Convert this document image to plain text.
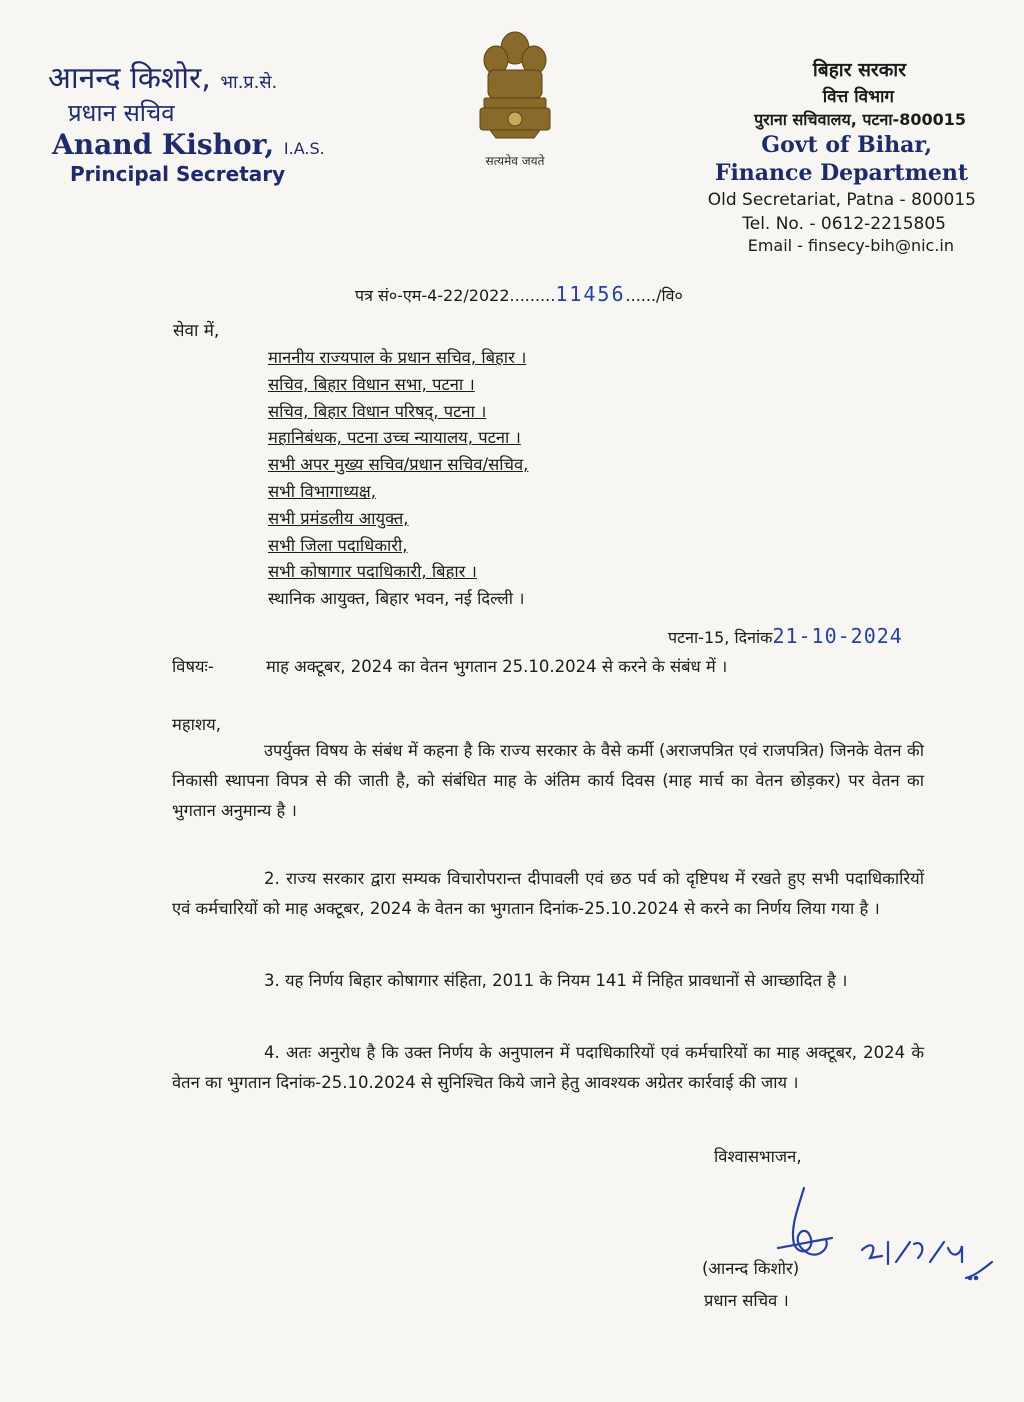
आनन्द किशोर, भा.प्र.से.
प्रधान सचिव
Anand Kishor, I.A.S.
Principal Secretary
सत्यमेव जयते
बिहार सरकार
वित्त विभाग
पुराना सचिवालय, पटना-800015
Govt of Bihar,
Finance Department
Old Secretariat, Patna - 800015
Tel. No. - 0612-2215805
Email - finsecy-bih@nic.in
पत्र सं०-एम-4-22/2022.........11456....../वि०
सेवा में,
माननीय राज्यपाल के प्रधान सचिव, बिहार ।
सचिव, बिहार विधान सभा, पटना ।
सचिव, बिहार विधान परिषद्, पटना ।
महानिबंधक, पटना उच्च न्यायालय, पटना ।
सभी अपर मुख्य सचिव/प्रधान सचिव/सचिव,
सभी विभागाध्यक्ष,
सभी प्रमंडलीय आयुक्त,
सभी जिला पदाधिकारी,
सभी कोषागार पदाधिकारी, बिहार ।
स्थानिक आयुक्त, बिहार भवन, नई दिल्ली ।
पटना-15, दिनांक21-10-2024
विषयः-	माह अक्टूबर, 2024 का वेतन भुगतान 25.10.2024 से करने के संबंध में ।
महाशय,
उपर्युक्त विषय के संबंध में कहना है कि राज्य सरकार के वैसे कर्मी (अराजपत्रित एवं राजपत्रित) जिनके वेतन की निकासी स्थापना विपत्र से की जाती है, को संबंधित माह के अंतिम कार्य दिवस (माह मार्च का वेतन छोड़कर) पर वेतन का भुगतान अनुमान्य है ।
2. राज्य सरकार द्वारा सम्यक विचारोपरान्त दीपावली एवं छठ पर्व को दृष्टिपथ में रखते हुए सभी पदाधिकारियों एवं कर्मचारियों को माह अक्टूबर, 2024 के वेतन का भुगतान दिनांक-25.10.2024 से करने का निर्णय लिया गया है ।
3. यह निर्णय बिहार कोषागार संहिता, 2011 के नियम 141 में निहित प्रावधानों से आच्छादित है ।
4. अतः अनुरोध है कि उक्त निर्णय के अनुपालन में पदाधिकारियों एवं कर्मचारियों का माह अक्टूबर, 2024 के वेतन का भुगतान दिनांक-25.10.2024 से सुनिश्चित किये जाने हेतु आवश्यक अग्रेतर कार्रवाई की जाय ।
विश्वासभाजन,
(आनन्द किशोर)
प्रधान सचिव ।
